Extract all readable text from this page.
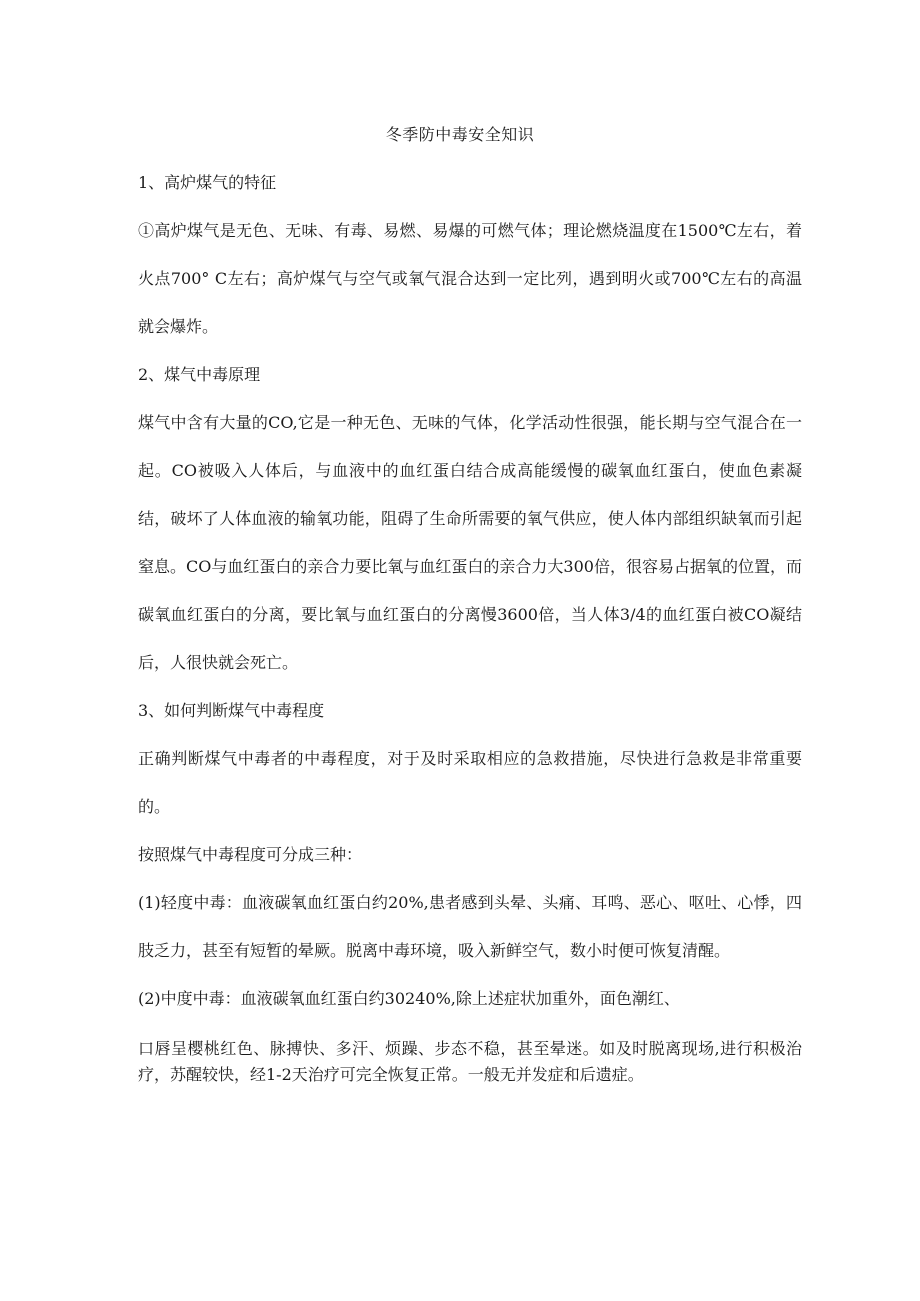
冬季防中毒安全知识
1、高炉煤气的特征
①高炉煤气是无色、无味、有毒、易燃、易爆的可燃气体；理论燃烧温度在1500℃左右，着火点700° C左右；高炉煤气与空气或氧气混合达到一定比列，遇到明火或700℃左右的高温就会爆炸。
2、煤气中毒原理
煤气中含有大量的CO,它是一种无色、无味的气体，化学活动性很强，能长期与空气混合在一起。CO被吸入人体后，与血液中的血红蛋白结合成高能缓慢的碳氧血红蛋白，使血色素凝结，破坏了人体血液的输氧功能，阻碍了生命所需要的氧气供应，使人体内部组织缺氧而引起窒息。CO与血红蛋白的亲合力要比氧与血红蛋白的亲合力大300倍，很容易占据氧的位置，而碳氧血红蛋白的分离，要比氧与血红蛋白的分离慢3600倍，当人体3/4的血红蛋白被CO凝结后，人很快就会死亡。
3、如何判断煤气中毒程度
正确判断煤气中毒者的中毒程度，对于及时采取相应的急救措施，尽快进行急救是非常重要的。
按照煤气中毒程度可分成三种：
(1)轻度中毒：血液碳氧血红蛋白约20%,患者感到头晕、头痛、耳鸣、恶心、呕吐、心悸，四肢乏力，甚至有短暂的晕厥。脱离中毒环境，吸入新鲜空气，数小时便可恢复清醒。
(2)中度中毒：血液碳氧血红蛋白约30240%,除上述症状加重外，面色潮红、
口唇呈樱桃红色、脉搏快、多汗、烦躁、步态不稳，甚至晕迷。如及时脱离现场,进行积极治疗，苏醒较快，经1-2天治疗可完全恢复正常。一般无并发症和后遗症。
